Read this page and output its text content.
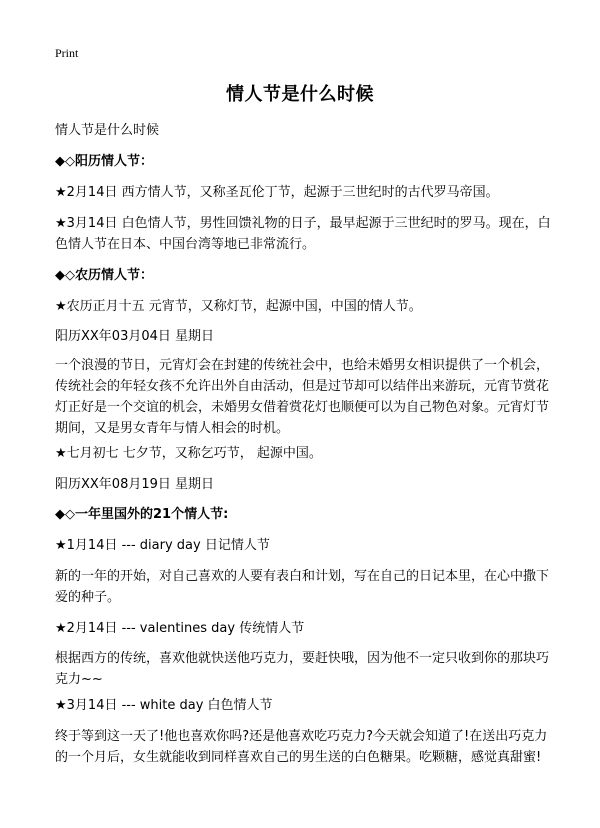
Print
情人节是什么时候
情人节是什么时候
◆◇阳历情人节：
★2月14日 西方情人节，又称圣瓦伦丁节，起源于三世纪时的古代罗马帝国。
★3月14日 白色情人节，男性回馈礼物的日子，最早起源于三世纪时的罗马。现在，白色情人节在日本、中国台湾等地已非常流行。
◆◇农历情人节：
★农历正月十五 元宵节，又称灯节，起源中国，中国的情人节。
阳历XX年03月04日 星期日
一个浪漫的节日，元宵灯会在封建的传统社会中，也给未婚男女相识提供了一个机会，传统社会的年轻女孩不允许出外自由活动，但是过节却可以结伴出来游玩，元宵节赏花灯正好是一个交谊的机会，未婚男女借着赏花灯也顺便可以为自己物色对象。元宵灯节期间，又是男女青年与情人相会的时机。
★七月初七 七夕节，又称乞巧节， 起源中国。
阳历XX年08月19日 星期日
◆◇一年里国外的21个情人节:
★1月14日 --- diary day 日记情人节
新的一年的开始，对自己喜欢的人要有表白和计划，写在自己的日记本里，在心中撒下爱的种子。
★2月14日 --- valentines day 传统情人节
根据西方的传统，喜欢他就快送他巧克力，要赶快哦，因为他不一定只收到你的那块巧克力~~
★3月14日 --- white day 白色情人节
终于等到这一天了!他也喜欢你吗?还是他喜欢吃巧克力?今天就会知道了!在送出巧克力的一个月后，女生就能收到同样喜欢自己的男生送的白色糖果。吃颗糖，感觉真甜蜜!
